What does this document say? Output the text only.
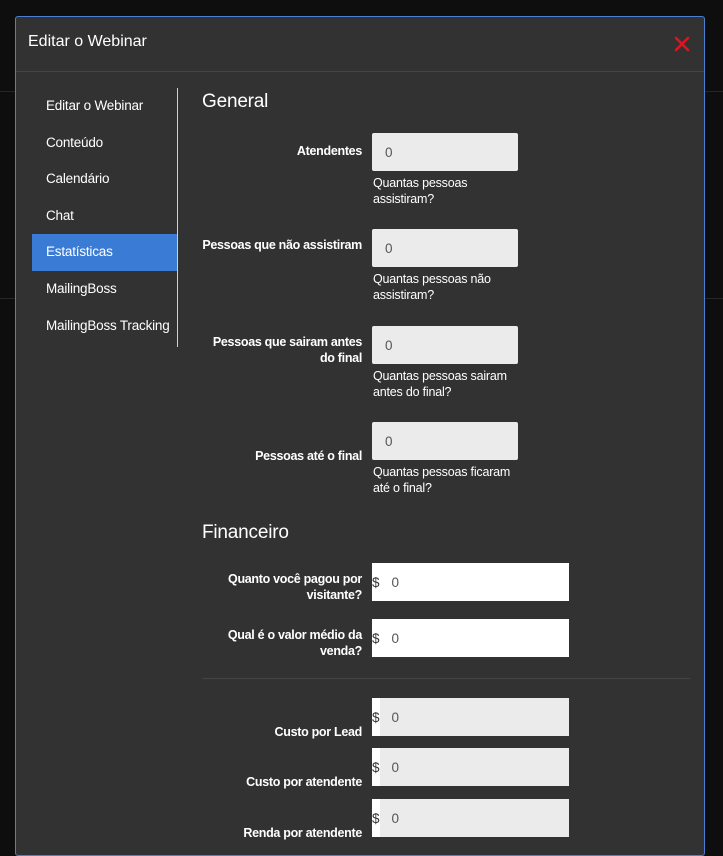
Editar o Webinar
Editar o Webinar
Conteúdo
Calendário
Chat
Estatísticas
MailingBoss
MailingBoss Tracking
General
Atendentes
0
Quantas pessoas assistiram?
Pessoas que não assistiram
0
Quantas pessoas não assistiram?
Pessoas que sairam antes do final
0
Quantas pessoas sairam antes do final?
Pessoas até o final
0
Quantas pessoas ficaram até o final?
Financeiro
Quanto você pagou por visitante?
$
0
Qual é o valor médio da venda?
$
0
Custo por Lead
$
0
Custo por atendente
$
0
Renda por atendente
$
0
